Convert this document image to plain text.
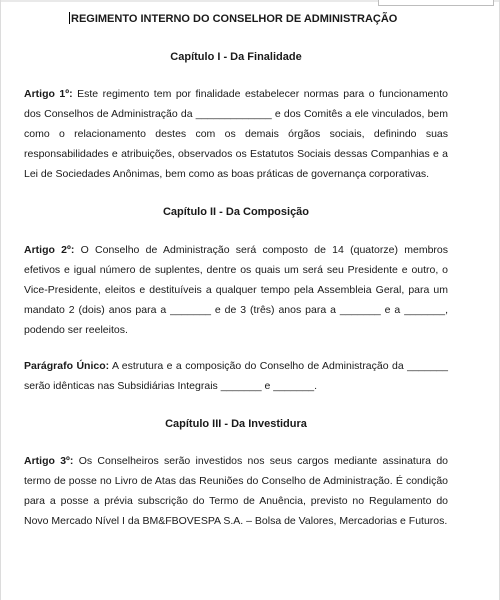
REGIMENTO INTERNO DO CONSELHOR DE ADMINISTRAÇÃO
Capítulo I - Da Finalidade

Artigo 1º: Este regimento tem por finalidade estabelecer normas para o funcionamento dos Conselhos de Administração da _____________ e dos Comitês a ele vinculados, bem como o relacionamento destes com os demais órgãos sociais, definindo suas responsabilidades e atribuições, observados os Estatutos Sociais dessas Companhias e a Lei de Sociedades Anônimas, bem como as boas práticas de governança corporativas.

Capítulo II - Da Composição

Artigo 2º: O Conselho de Administração será composto de 14 (quatorze) membros efetivos e igual número de suplentes, dentre os quais um será seu Presidente e outro, o Vice-Presidente, eleitos e destituíveis a qualquer tempo pela Assembleia Geral, para um mandato 2 (dois) anos para a _______ e de 3 (três) anos para a _______ e a _______, podendo ser reeleitos.

Parágrafo Único: A estrutura e a composição do Conselho de Administração da _______ serão idênticas nas Subsidiárias Integrais _______ e _______.

Capítulo III - Da Investidura

Artigo 3º: Os Conselheiros serão investidos nos seus cargos mediante assinatura do termo de posse no Livro de Atas das Reuniões do Conselho de Administração. É condição para a posse a prévia subscrição do Termo de Anuência, previsto no Regulamento do Novo Mercado Nível I da BM&FBOVESPA S.A. – Bolsa de Valores, Mercadorias e Futuros.
